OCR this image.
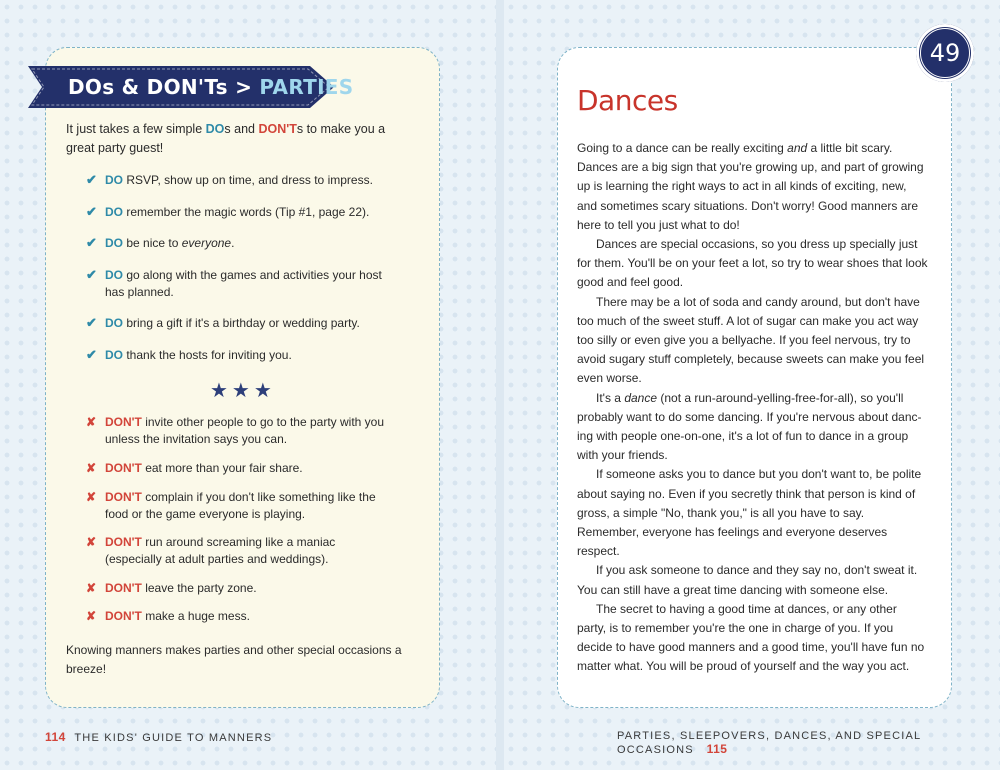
DOs & DON'Ts > PARTIES
It just takes a few simple DOs and DON'Ts to make you a great party guest!
✔ DO RSVP, show up on time, and dress to impress.
✔ DO remember the magic words (Tip #1, page 22).
✔ DO be nice to everyone.
✔ DO go along with the games and activities your host has planned.
✔ DO bring a gift if it's a birthday or wedding party.
✔ DO thank the hosts for inviting you.
★★★
✘ DON'T invite other people to go to the party with you unless the invitation says you can.
✘ DON'T eat more than your fair share.
✘ DON'T complain if you don't like something like the food or the game everyone is playing.
✘ DON'T run around screaming like a maniac (especially at adult parties and weddings).
✘ DON'T leave the party zone.
✘ DON'T make a huge mess.
Knowing manners makes parties and other special occasions a breeze!
114 THE KIDS' GUIDE TO MANNERS
49
Dances

Going to a dance can be really exciting and a little bit scary. Dances are a big sign that you're growing up, and part of growing up is learning the right ways to act in all kinds of exciting, new, and sometimes scary situations. Don't worry! Good manners are here to tell you just what to do!

Dances are special occasions, so you dress up specially just for them. You'll be on your feet a lot, so try to wear shoes that look good and feel good.

There may be a lot of soda and candy around, but don't have too much of the sweet stuff. A lot of sugar can make you act way too silly or even give you a bellyache. If you feel nervous, try to avoid sugary stuff completely, because sweets can make you feel even worse.

It's a dance (not a run-around-yelling-free-for-all), so you'll probably want to do some dancing. If you're nervous about dancing with people one-on-one, it's a lot of fun to dance in a group with your friends.

If someone asks you to dance but you don't want to, be polite about saying no. Even if you secretly think that person is kind of gross, a simple "No, thank you," is all you have to say. Remember, everyone has feelings and everyone deserves respect.

If you ask someone to dance and they say no, don't sweat it. You can still have a great time dancing with someone else.

The secret to having a good time at dances, or any other party, is to remember you're the one in charge of you. If you decide to have good manners and a good time, you'll have fun no matter what. You will be proud of yourself and the way you act.

PARTIES, SLEEPOVERS, DANCES, AND SPECIAL OCCASIONS 115
